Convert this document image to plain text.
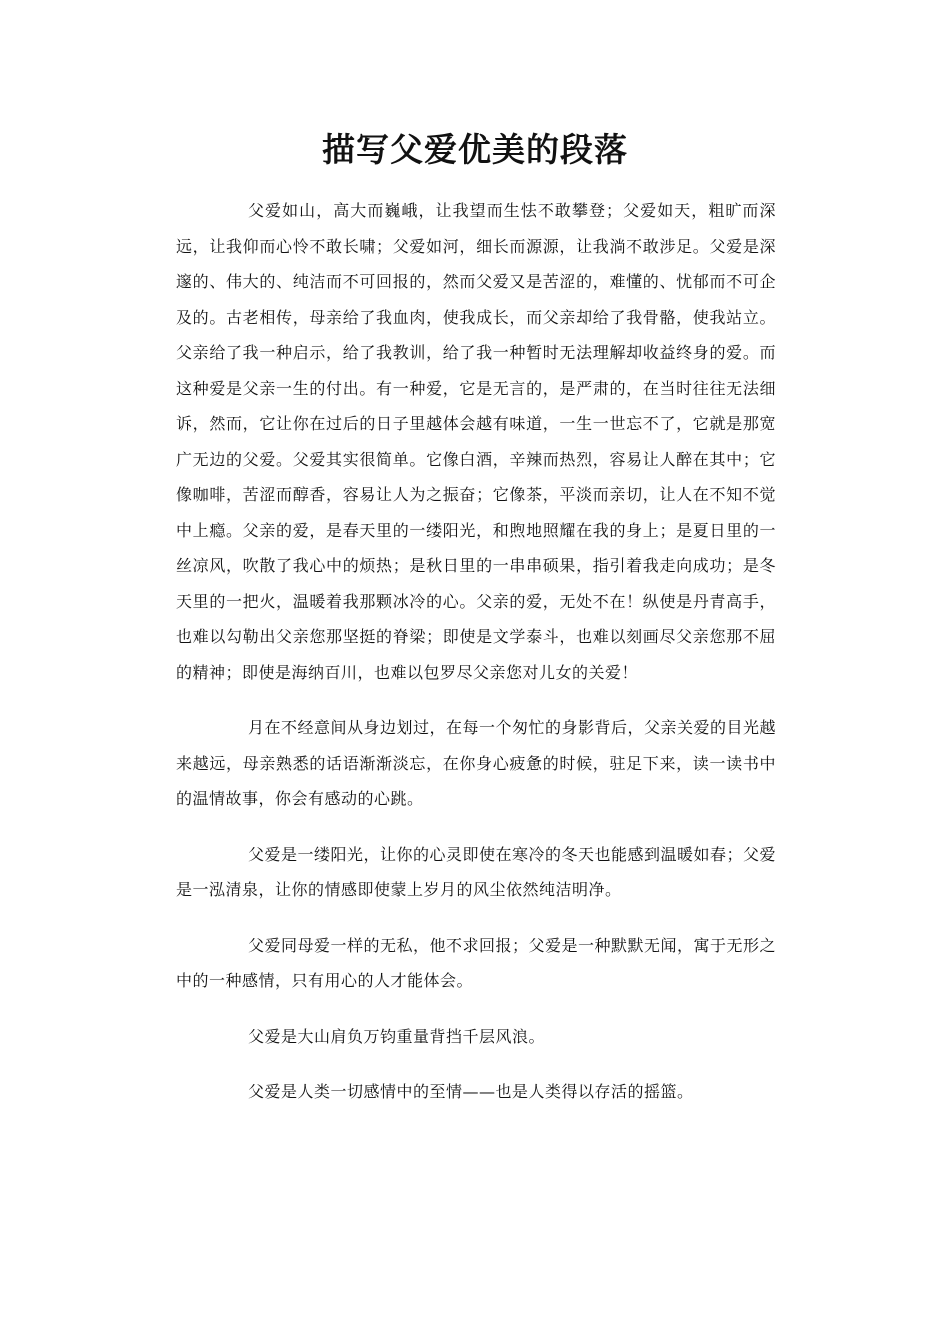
描写父爱优美的段落

父爱如山，高大而巍峨，让我望而生怯不敢攀登；父爱如天，粗旷而深远，让我仰而心怜不敢长啸；父爱如河，细长而源源，让我淌不敢涉足。父爱是深邃的、伟大的、纯洁而不可回报的，然而父爱又是苦涩的，难懂的、忧郁而不可企及的。古老相传，母亲给了我血肉，使我成长，而父亲却给了我骨骼，使我站立。父亲给了我一种启示，给了我教训，给了我一种暂时无法理解却收益终身的爱。而这种爱是父亲一生的付出。有一种爱，它是无言的，是严肃的，在当时往往无法细诉，然而，它让你在过后的日子里越体会越有味道，一生一世忘不了，它就是那宽广无边的父爱。父爱其实很简单。它像白酒，辛辣而热烈，容易让人醉在其中；它像咖啡，苦涩而醇香，容易让人为之振奋；它像茶，平淡而亲切，让人在不知不觉中上瘾。父亲的爱，是春天里的一缕阳光，和煦地照耀在我的身上；是夏日里的一丝凉风，吹散了我心中的烦热；是秋日里的一串串硕果，指引着我走向成功；是冬天里的一把火，温暖着我那颗冰冷的心。父亲的爱，无处不在！纵使是丹青高手，也难以勾勒出父亲您那坚挺的脊梁；即使是文学泰斗，也难以刻画尽父亲您那不屈的精神；即使是海纳百川，也难以包罗尽父亲您对儿女的关爱！

月在不经意间从身边划过，在每一个匆忙的身影背后，父亲关爱的目光越来越远，母亲熟悉的话语渐渐淡忘，在你身心疲惫的时候，驻足下来，读一读书中的温情故事，你会有感动的心跳。

父爱是一缕阳光，让你的心灵即使在寒冷的冬天也能感到温暖如春；父爱是一泓清泉，让你的情感即使蒙上岁月的风尘依然纯洁明净。

父爱同母爱一样的无私，他不求回报；父爱是一种默默无闻，寓于无形之中的一种感情，只有用心的人才能体会。

父爱是大山肩负万钧重量背挡千层风浪。

父爱是人类一切感情中的至情——也是人类得以存活的摇篮。
